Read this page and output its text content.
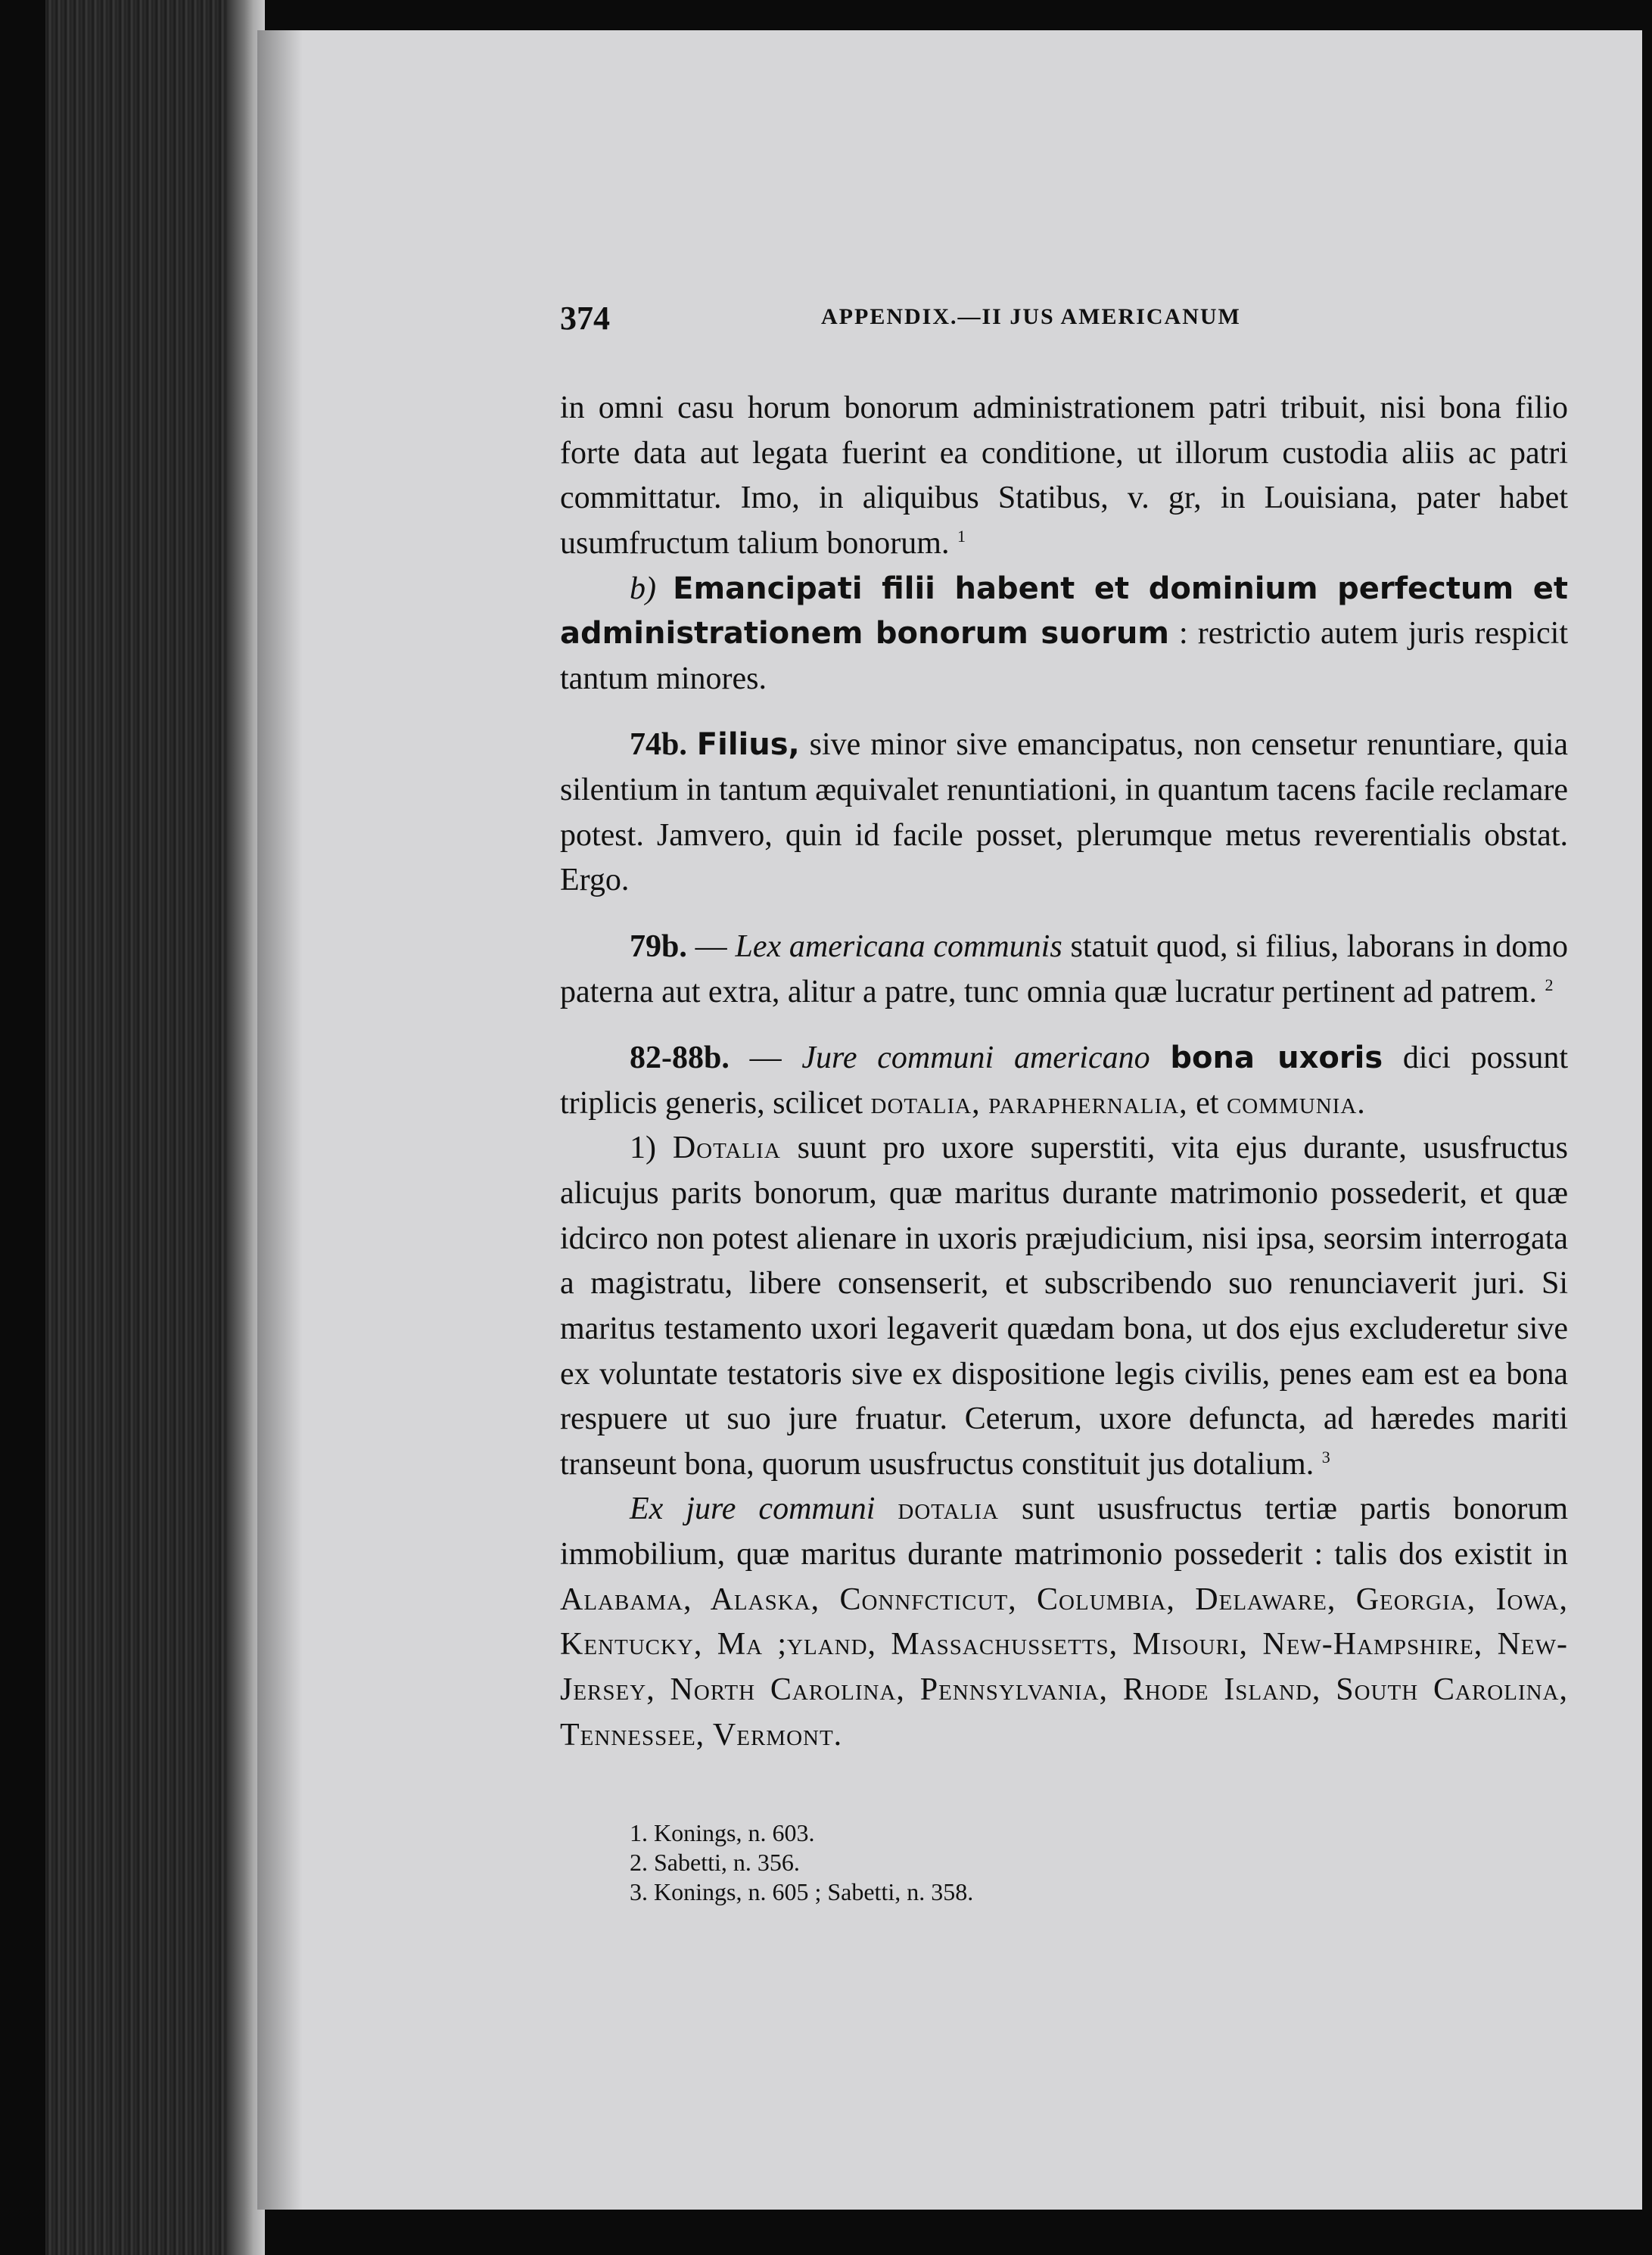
374	APPENDIX.—II JUS AMERICANUM

in omni casu horum bonorum administrationem patri tribuit, nisi bona filio forte data aut legata fuerint ea conditione, ut illorum custodia aliis ac patri committatur. Imo, in aliquibus Statibus, v. gr, in Louisiana, pater habet usumfructum talium bonorum. $^1$

b) Emancipati filii habent et dominium perfectum et administrationem bonorum suorum : restrictio autem juris respicit tantum minores.

74b. Filius, sive minor sive emancipatus, non censetur renuntiare, quia silentium in tantum æquivalet renuntiationi, in quantum tacens facile reclamare potest. Jamvero, quin id facile posset, plerumque metus reverentialis obstat. Ergo.

79b. — Lex americana communis statuit quod, si filius, laborans in domo paterna aut extra, alitur a patre, tunc omnia quæ lucratur pertinent ad patrem. $^2$

82-88b. — Jure communi americano bona uxoris dici possunt triplicis generis, scilicet dotalia, paraphernalia, et communia.

1) Dotalia suunt pro uxore superstiti, vita ejus durante, ususfructus alicujus parits bonorum, quæ maritus durante matrimonio possederit, et quæ idcirco non potest alienare in uxoris præjudicium, nisi ipsa, seorsim interrogata a magistratu, libere consenserit, et subscribendo suo renunciaverit juri. Si maritus testamento uxori legaverit quædam bona, ut dos ejus excluderetur sive ex voluntate testatoris sive ex dispositione legis civilis, penes eam est ea bona respuere ut suo jure fruatur. Ceterum, uxore defuncta, ad hæredes mariti transeunt bona, quorum ususfructus constituit jus dotalium. $^3$

Ex jure communi dotalia sunt ususfructus tertiæ partis bonorum immobilium, quæ maritus durante matrimonio possederit : talis dos existit in Alabama, Alaska, Connfcticut, Columbia, Delaware, Georgia, Iowa, Kentucky, Ma ;yland, Massachussetts, Misouri, New-Hampshire, New-Jersey, North Carolina, Pennsylvania, Rhode Island, South Carolina, Tennessee, Vermont.

1. Konings, n. 603.
2. Sabetti, n. 356.
3. Konings, n. 605 ; Sabetti, n. 358.
